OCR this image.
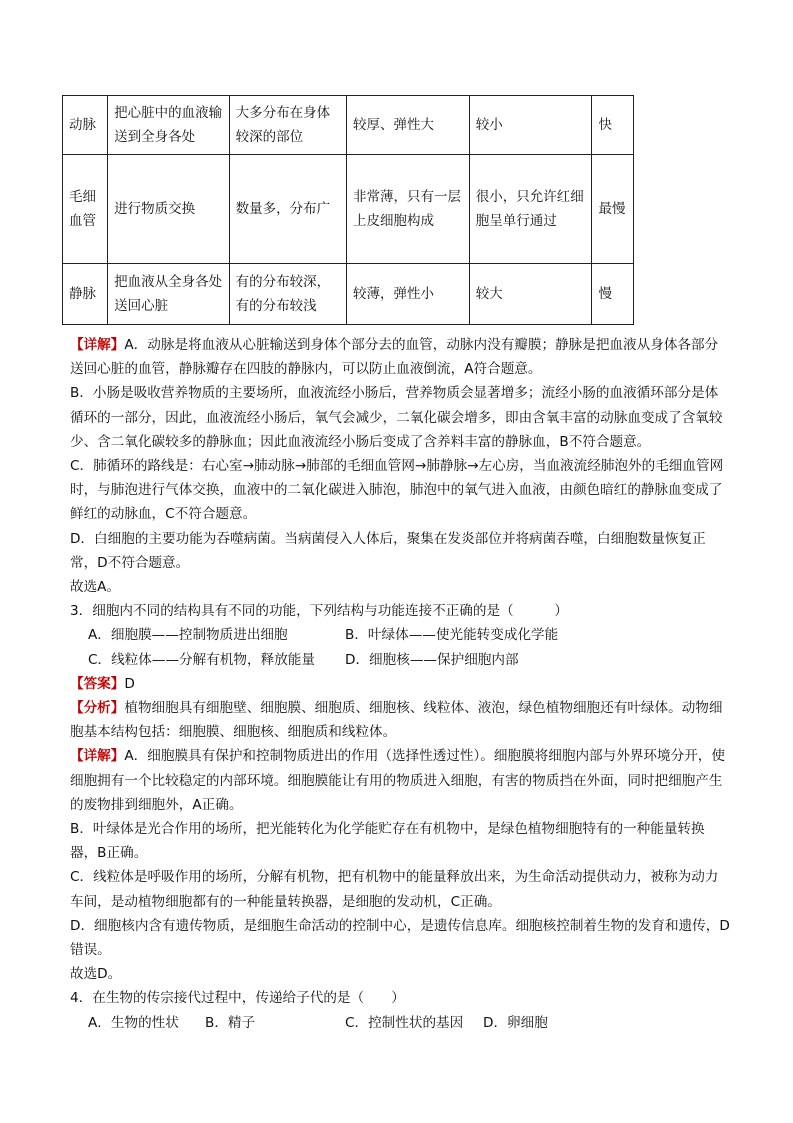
动脉	把心脏中的血液输送到全身各处	大多分布在身体较深的部位	较厚、弹性大	较小	快
毛细血管	进行物质交换	数量多，分布广	非常薄，只有一层上皮细胞构成	很小，只允许红细胞呈单行通过	最慢
静脉	把血液从全身各处送回心脏	有的分布较深，有的分布较浅	较薄，弹性小	较大	慢

【详解】A．动脉是将血液从心脏输送到身体个部分去的血管，动脉内没有瓣膜；静脉是把血液从身体各部分送回心脏的血管，静脉瓣存在四肢的静脉内，可以防止血液倒流，A符合题意。

B．小肠是吸收营养物质的主要场所，血液流经小肠后，营养物质会显著增多；流经小肠的血液循环部分是体循环的一部分，因此，血液流经小肠后，氧气会减少，二氧化碳会增多，即由含氧丰富的动脉血变成了含氧较少、含二氧化碳较多的静脉血；因此血液流经小肠后变成了含养料丰富的静脉血，B不符合题意。

C．肺循环的路线是：右心室→肺动脉→肺部的毛细血管网→肺静脉→左心房，当血液流经肺泡外的毛细血管网时，与肺泡进行气体交换，血液中的二氧化碳进入肺泡，肺泡中的氧气进入血液，由颜色暗红的静脉血变成了鲜红的动脉血，C不符合题意。

D．白细胞的主要功能为吞噬病菌。当病菌侵入人体后，聚集在发炎部位并将病菌吞噬，白细胞数量恢复正常，D不符合题意。

故选A。

3．细胞内不同的结构具有不同的功能，下列结构与功能连接不正确的是（　　　）

A．细胞膜——控制物质进出细胞	B．叶绿体——使光能转变成化学能
C．线粒体——分解有机物，释放能量	D．细胞核——保护细胞内部

【答案】D

【分析】植物细胞具有细胞壁、细胞膜、细胞质、细胞核、线粒体、液泡，绿色植物细胞还有叶绿体。动物细胞基本结构包括：细胞膜、细胞核、细胞质和线粒体。

【详解】A．细胞膜具有保护和控制物质进出的作用（选择性透过性）。细胞膜将细胞内部与外界环境分开，使细胞拥有一个比较稳定的内部环境。细胞膜能让有用的物质进入细胞，有害的物质挡在外面，同时把细胞产生的废物排到细胞外，A正确。

B．叶绿体是光合作用的场所，把光能转化为化学能贮存在有机物中，是绿色植物细胞特有的一种能量转换器，B正确。

C．线粒体是呼吸作用的场所，分解有机物，把有机物中的能量释放出来，为生命活动提供动力，被称为动力车间，是动植物细胞都有的一种能量转换器，是细胞的发动机，C正确。

D．细胞核内含有遗传物质，是细胞生命活动的控制中心，是遗传信息库。细胞核控制着生物的发育和遗传，D错误。

故选D。

4．在生物的传宗接代过程中，传递给子代的是（　　）

A．生物的性状	B．精子	C．控制性状的基因	D．卵细胞
